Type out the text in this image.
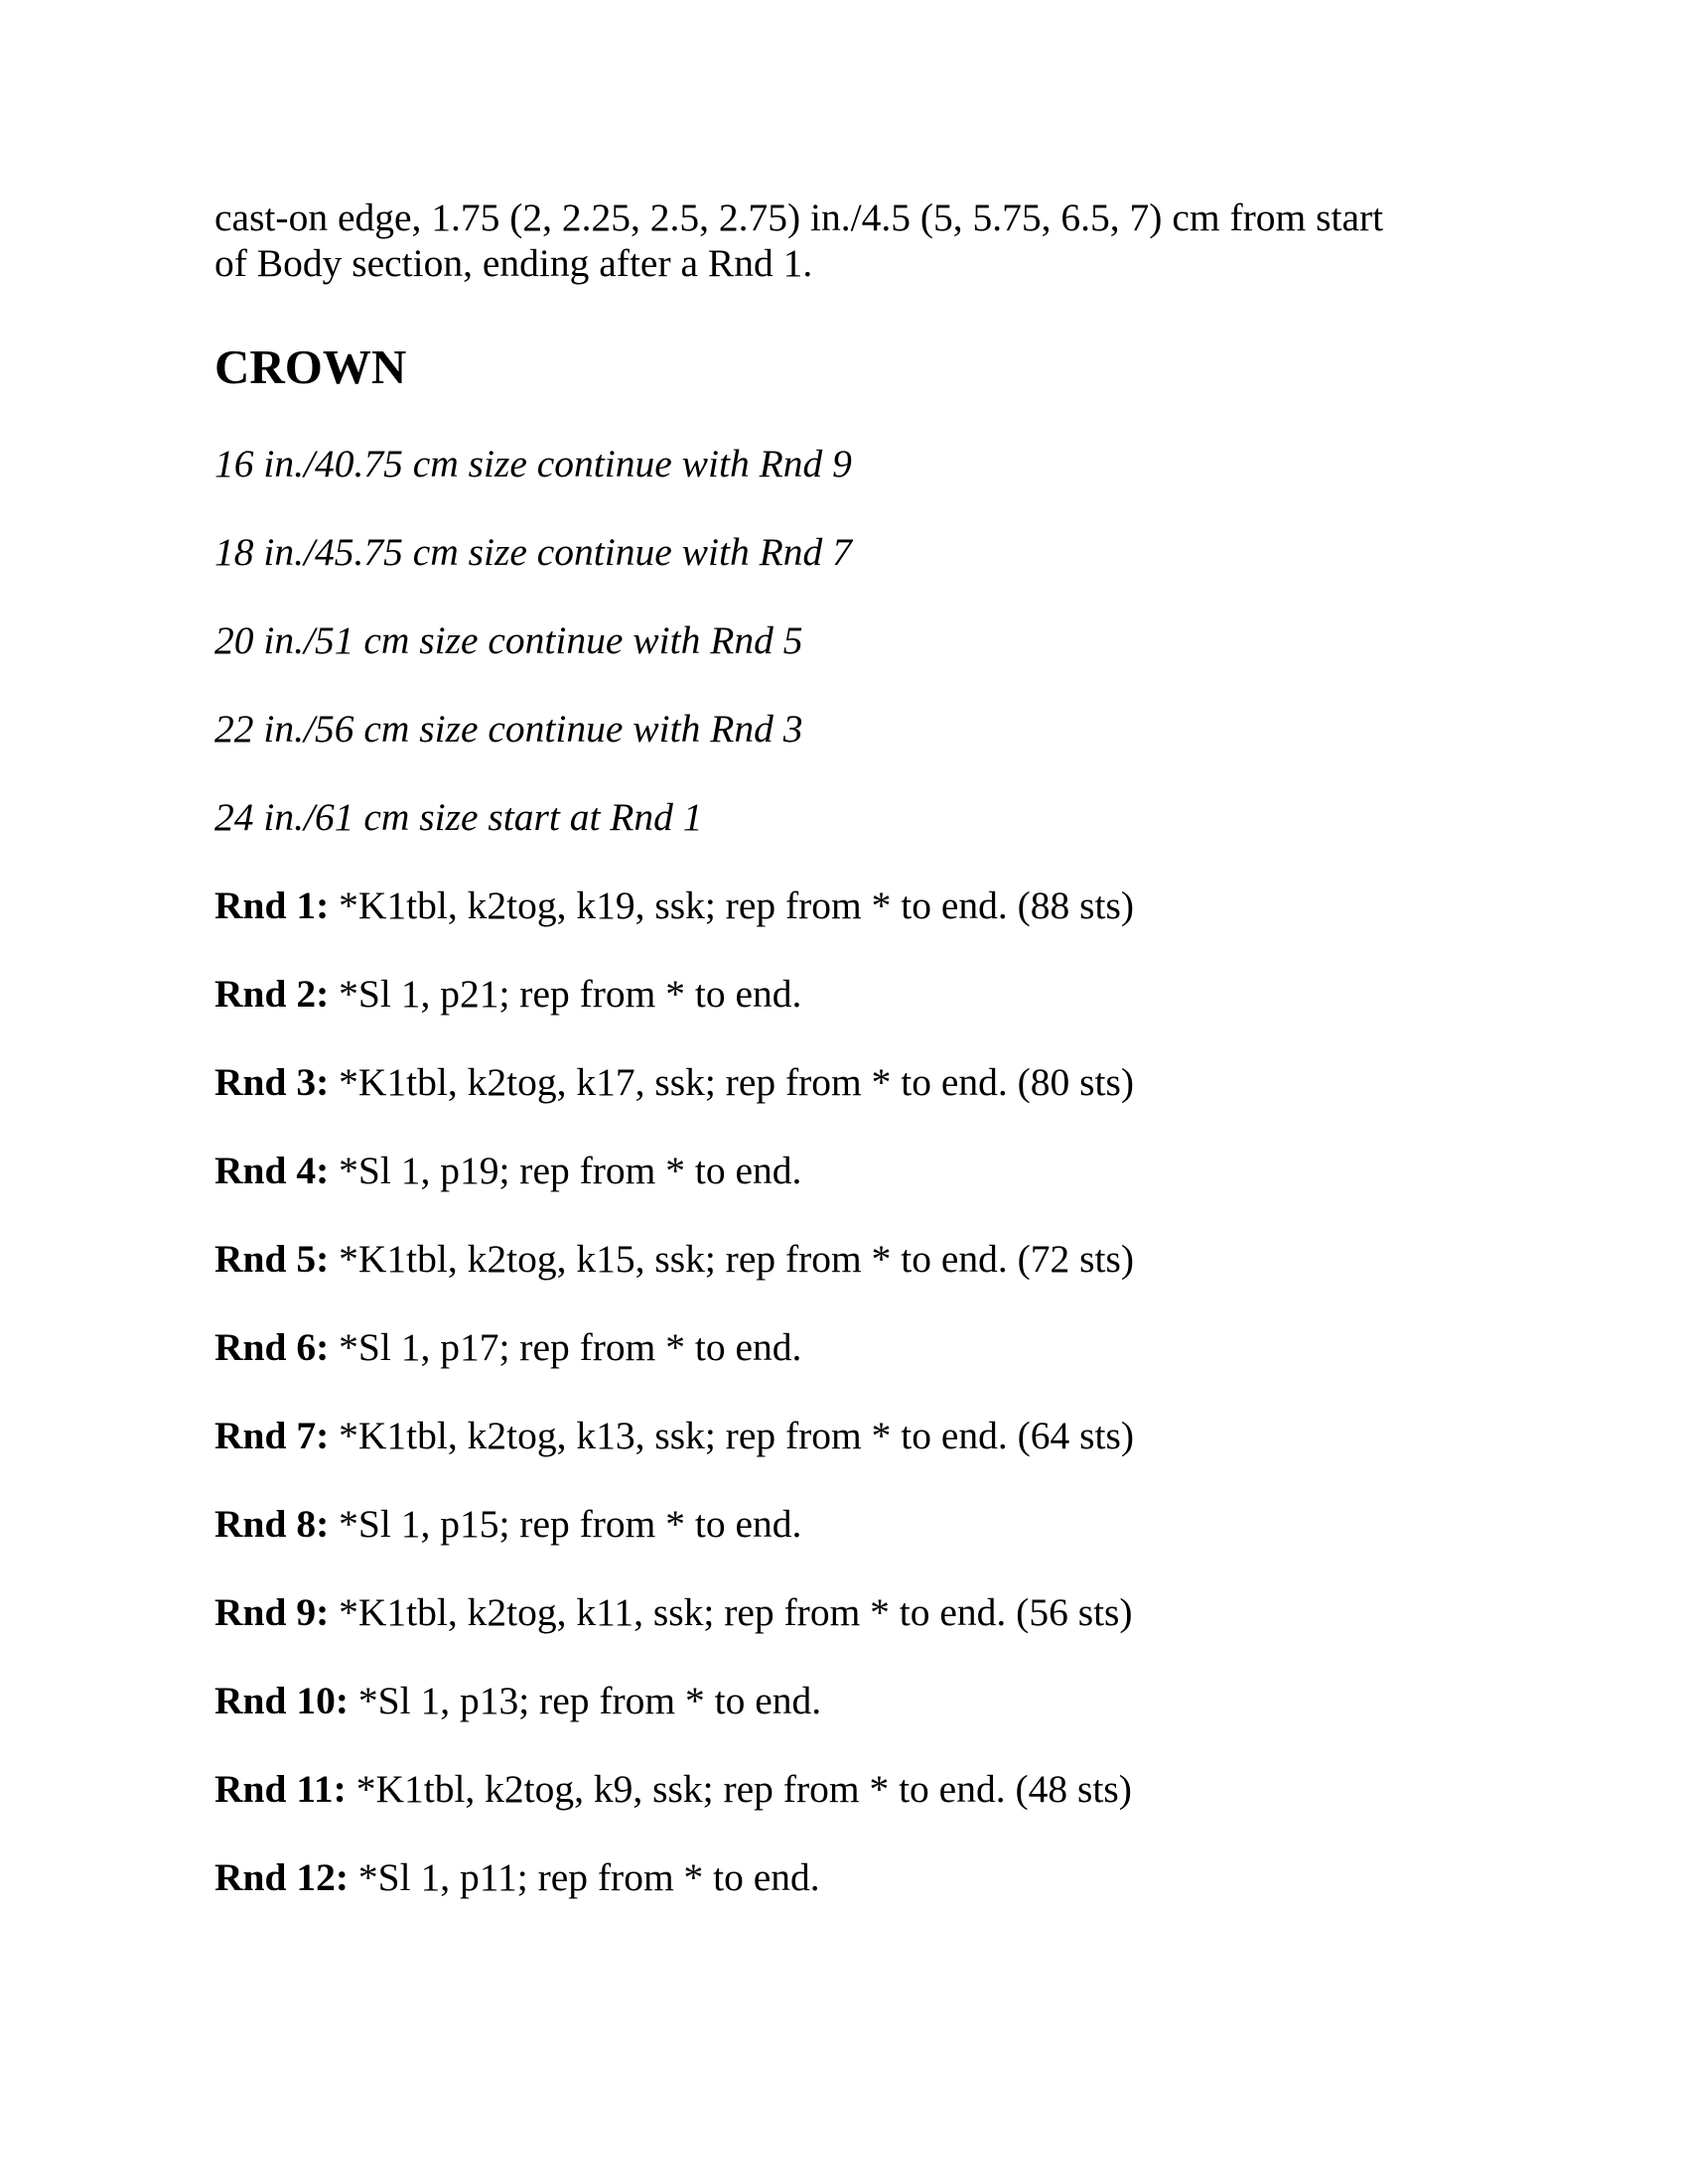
cast-on edge, 1.75 (2, 2.25, 2.5, 2.75) in./4.5 (5, 5.75, 6.5, 7) cm from start
of Body section, ending after a Rnd 1.

CROWN

16 in./40.75 cm size continue with Rnd 9

18 in./45.75 cm size continue with Rnd 7

20 in./51 cm size continue with Rnd 5

22 in./56 cm size continue with Rnd 3

24 in./61 cm size start at Rnd 1

Rnd 1: *K1tbl, k2tog, k19, ssk; rep from * to end. (88 sts)

Rnd 2: *Sl 1, p21; rep from * to end.

Rnd 3: *K1tbl, k2tog, k17, ssk; rep from * to end. (80 sts)

Rnd 4: *Sl 1, p19; rep from * to end.

Rnd 5: *K1tbl, k2tog, k15, ssk; rep from * to end. (72 sts)

Rnd 6: *Sl 1, p17; rep from * to end.

Rnd 7: *K1tbl, k2tog, k13, ssk; rep from * to end. (64 sts)

Rnd 8: *Sl 1, p15; rep from * to end.

Rnd 9: *K1tbl, k2tog, k11, ssk; rep from * to end. (56 sts)

Rnd 10: *Sl 1, p13; rep from * to end.

Rnd 11: *K1tbl, k2tog, k9, ssk; rep from * to end. (48 sts)

Rnd 12: *Sl 1, p11; rep from * to end.
